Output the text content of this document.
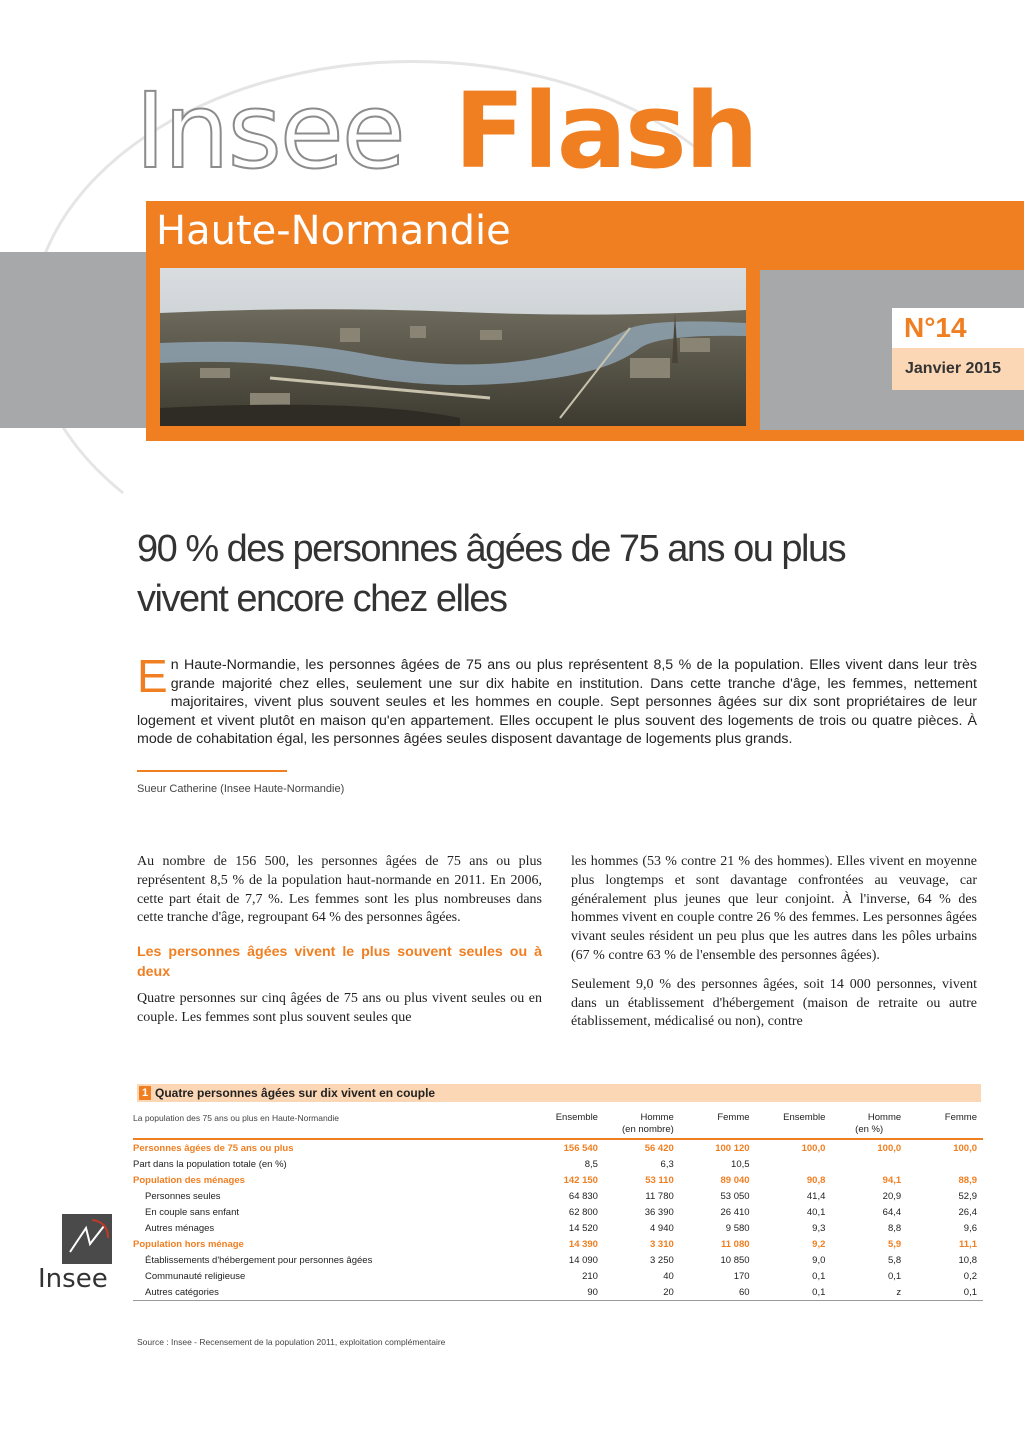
Insee Flash
Haute-Normandie
N°14
Janvier 2015
90 % des personnes âgées de 75 ans ou plus
vivent encore chez elles
En Haute-Normandie, les personnes âgées de 75 ans ou plus représentent 8,5 % de la population. Elles vivent dans leur très grande majorité chez elles, seulement une sur dix habite en institution. Dans cette tranche d'âge, les femmes, nettement majoritaires, vivent plus souvent seules et les hommes en couple. Sept personnes âgées sur dix sont propriétaires de leur logement et vivent plutôt en maison qu'en appartement. Elles occupent le plus souvent des logements de trois ou quatre pièces. À mode de cohabitation égal, les personnes âgées seules disposent davantage de logements plus grands.
Sueur Catherine (Insee Haute-Normandie)

Au nombre de 156 500, les personnes âgées de 75 ans ou plus représentent 8,5 % de la population haut-normande en 2011. En 2006, cette part était de 7,7 %. Les femmes sont les plus nombreuses dans cette tranche d'âge, regroupant 64 % des personnes âgées.

Les personnes âgées vivent le plus souvent seules ou à deux

Quatre personnes sur cinq âgées de 75 ans ou plus vivent seules ou en couple. Les femmes sont plus souvent seules que

les hommes (53 % contre 21 % des hommes). Elles vivent en moyenne plus longtemps et sont davantage confrontées au veuvage, car généralement plus jeunes que leur conjoint. À l'inverse, 64 % des hommes vivent en couple contre 26 % des femmes. Les personnes âgées vivant seules résident un peu plus que les autres dans les pôles urbains (67 % contre 63 % de l'ensemble des personnes âgées).

Seulement 9,0 % des personnes âgées, soit 14 000 personnes, vivent dans un établissement d'hébergement (maison de retraite ou autre établissement, médicalisé ou non), contre

1 Quatre personnes âgées sur dix vivent en couple
La population des 75 ans ou plus en Haute-Normandie	Ensemble	Homme
(en nombre)	Femme	Ensemble	Homme
(en %)	Femme
Personnes âgées de 75 ans ou plus	156 540	56 420	100 120	100,0	100,0	100,0
Part dans la population totale (en %)	8,5	6,3	10,5			
Population des ménages	142 150	53 110	89 040	90,8	94,1	88,9
Personnes seules	64 830	11 780	53 050	41,4	20,9	52,9
En couple sans enfant	62 800	36 390	26 410	40,1	64,4	26,4
Autres ménages	14 520	4 940	9 580	9,3	8,8	9,6
Population hors ménage	14 390	3 310	11 080	9,2	5,9	11,1
Établissements d'hébergement pour personnes âgées	14 090	3 250	10 850	9,0	5,8	10,8
Communauté religieuse	210	40	170	0,1	0,1	0,2
Autres catégories	90	20	60	0,1	z	0,1
Source : Insee - Recensement de la population 2011, exploitation complémentaire
Insee
